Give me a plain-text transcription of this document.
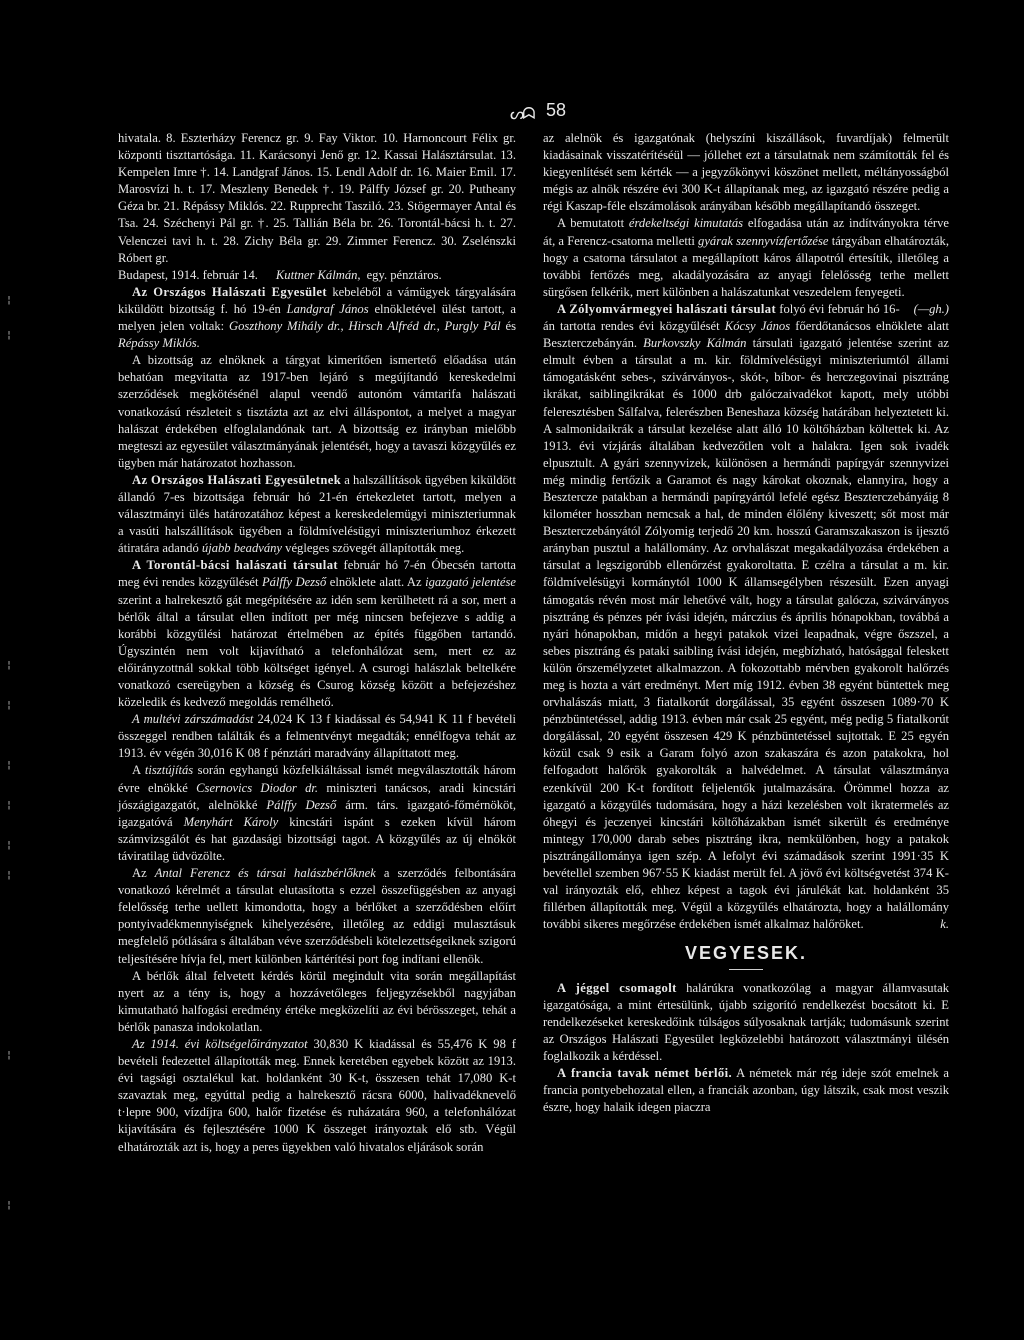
ᔕᗣ 58
¦
¦
¦
¦
¦
¦
¦
¦
¦
¦

hivatala. 8. Eszterházy Ferencz gr. 9. Fay Viktor. 10. Harnoncourt Félix gr. központi tiszttartósága. 11. Karácsonyi Jenő gr. 12. Kassai Halásztársulat. 13. Kempelen Imre †. 14. Landgraf János. 15. Lendl Adolf dr. 16. Maier Emil. 17. Marosvízi h. t. 17. Meszleny Benedek †. 19. Pálffy József gr. 20. Putheany Géza br. 21. Répássy Miklós. 22. Rupprecht Tasziló. 23. Stögermayer Antal és Tsa. 24. Széchenyi Pál gr. †. 25. Tallián Béla br. 26. Torontál-bácsi h. t. 27. Velenczei tavi h. t. 28. Zichy Béla gr. 29. Zimmer Ferencz. 30. Zselénszki Róbert gr.

Budapest, 1914. február 14. Kuttner Kálmán, egy. pénztáros.

Az Országos Halászati Egyesület kebeléből a vámügyek tárgyalására kiküldött bizottság f. hó 19-én Landgraf János elnökletével ülést tartott, a melyen jelen voltak: Goszthony Mihály dr., Hirsch Alfréd dr., Purgly Pál és Répássy Miklós.

A bizottság az elnöknek a tárgyat kimerítően ismertető előadása után behatóan megvitatta az 1917-ben lejáró s megújítandó kereskedelmi szerződések megkötésénél alapul veendő autonóm vámtarifa halászati vonatkozású részleteit s tisztázta azt az elvi álláspontot, a melyet a magyar halászat érdekében elfoglalandónak tart. A bizottság ez irányban mielőbb megteszi az egyesület választmányának jelentését, hogy a tavaszi közgyűlés ez ügyben már határozatot hozhasson.

Az Országos Halászati Egyesületnek a halszállítások ügyében kiküldött állandó 7-es bizottsága február hó 21-én értekezletet tartott, melyen a választmányi ülés határozatához képest a kereskedelemügyi miniszteriumnak a vasúti halszállítások ügyében a földmívelésügyi miniszteriumhoz érkezett átiratára adandó újabb beadvány végleges szövegét állapították meg.

A Torontál-bácsi halászati társulat február hó 7-én Óbecsén tartotta meg évi rendes közgyűlését Pálffy Dezső elnöklete alatt. Az igazgató jelentése szerint a halrekesztő gát megépítésére az idén sem kerülhetett rá a sor, mert a bérlők által a társulat ellen indított per még nincsen befejezve s addig a korábbi közgyűlési határozat értelmében az építés függőben tartandó. Úgyszintén nem volt kijavítható a telefonhálózat sem, mert ez az előirányzottnál sokkal több költséget igényel. A csurogi halászlak beltelkére vonatkozó csereügyben a község és Csurog község között a befejezéshez közeledik és kedvező megoldás remélhető.

A multévi zárszámadást 24,024 K 13 f kiadással és 54,941 K 11 f bevételi összeggel rendben találták és a felmentvényt megadták; ennélfogva tehát az 1913. év végén 30,016 K 08 f pénztári maradvány állapíttatott meg.

A tisztújítás során egyhangú közfelkiáltással ismét megválasztották három évre elnökké Csernovics Diodor dr. miniszteri tanácsos, aradi kincstári jószágigazgatót, alelnökké Pálffy Dezső árm. társ. igazgató-főmérnököt, igazgatóvá Menyhárt Károly kincstári ispánt s ezeken kívül három számvizsgálót és hat gazdasági bizottsági tagot. A közgyűlés az új elnököt táviratilag üdvözölte.

Az Antal Ferencz és társai halászbérlőknek a szerződés felbontására vonatkozó kérelmét a társulat elutasította s ezzel összefüggésben az anyagi felelősség terhe uellett kimondotta, hogy a bérlőket a szerződésben előírt pontyivadékmennyiségnek kihelyezésére, illetőleg az eddigi mulasztásuk megfelelő pótlására s általában véve szerződésbeli kötelezettségeiknek szigorú teljesítésére hívja fel, mert különben kártérítési port fog indítani ellenök.

A bérlők által felvetett kérdés körül megindult vita során megállapítást nyert az a tény is, hogy a hozzávetőleges feljegyzésekből nagyjában kimutatható halfogási eredmény értéke megközelíti az évi bérösszeget, tehát a bérlők panasza indokolatlan.

Az 1914. évi költségelőirányzatot 30,830 K kiadással és 55,476 K 98 f bevételi fedezettel állapították meg. Ennek keretében egyebek között az 1913. évi tagsági osztalékul kat. holdanként 30 K-t, összesen tehát 17,080 K-t szavaztak meg, egyúttal pedig a halrekesztő rácsra 6000, halivadéknevelő t·lepre 900, vízdíjra 600, halőr fizetése és ruházatára 960, a telefonhálózat kijavítására és fejlesztésére 1000 K összeget irányoztak elő stb. Végül elhatározták azt is, hogy a peres ügyekben való hivatalos eljárások során

az alelnök és igazgatónak (helyszíni kiszállások, fuvardíjak) felmerült kiadásainak visszatérítéséül — jóllehet ezt a társulatnak nem számították fel és kiegyenlítését sem kérték — a jegyzőkönyvi köszönet mellett, méltányosságból mégis az alnök részére évi 300 K-t állapítanak meg, az igazgató részére pedig a régi Kaszap-féle elszámolások arányában később megállapítandó összeget.

A bemutatott érdekeltségi kimutatás elfogadása után az indítványokra térve át, a Ferencz-csatorna melletti gyárak szennyvízfertőzése tárgyában elhatározták, hogy a csatorna társulatot a megállapított káros állapotról értesítik, illetőleg a további fertőzés meg, akadályozására az anyagi felelősség terhe mellett sürgősen felkérik, mert különben a halászatunkat veszedelem fenyegeti.
(—gh.)

A Zólyomvármegyei halászati társulat folyó évi február hó 16-án tartotta rendes évi közgyűlését Kócsy János főerdőtanácsos elnöklete alatt Beszterczebányán. Burkovszky Kálmán társulati igazgató jelentése szerint az elmult évben a társulat a m. kir. földmívelésügyi miniszteriumtól állami támogatásként sebes-, szivárványos-, skót-, bíbor- és herczegovinai pisztráng ikrákat, saiblingikrákat és 1000 drb galóczaivadékot kapott, mely utóbbi feleresztésben Sálfalva, felerészben Beneshaza község határában helyeztetett ki. A salmonidaikrák a társulat kezelése alatt álló 10 költőházban költettek ki. Az 1913. évi vízjárás általában kedvezőtlen volt a halakra. Igen sok ivadék elpusztult. A gyári szennyvizek, különösen a hermándi papírgyár szennyvizei még mindig fertőzik a Garamot és nagy károkat okoznak, elannyira, hogy a Besztercze patakban a hermándi papírgyártól lefelé egész Beszterczebányáig 8 kilométer hosszban nemcsak a hal, de minden élőlény kiveszett; sőt most már Beszterczebányától Zólyomig terjedő 20 km. hosszú Garamszakaszon is ijesztő arányban pusztul a halállomány. Az orvhalászat megakadályozása érdekében a társulat a legszigorúbb ellenőrzést gyakoroltatta. E czélra a társulat a m. kir. földmívelésügyi kormánytól 1000 K államsegélyben részesült. Ezen anyagi támogatás révén most már lehetővé vált, hogy a társulat galócza, szivárványos pisztráng és pénzes pér ívási idején, márczius és április hónapokban, továbbá a nyári hónapokban, midőn a hegyi patakok vizei leapadnak, végre őszszel, a sebes pisztráng és pataki saibling ívási idején, megbízható, hatósággal feleskett külön őrszemélyzetet alkalmazzon. A fokozottabb mérvben gyakorolt halőrzés meg is hozta a várt eredményt. Mert míg 1912. évben 38 egyént büntettek meg orvhalászás miatt, 3 fiatalkorút dorgálással, 35 egyént összesen 1089·70 K pénzbüntetéssel, addig 1913. évben már csak 25 egyént, még pedig 5 fiatalkorút dorgálással, 20 egyént összesen 429 K pénzbüntetéssel sujtottak. E 25 egyén közül csak 9 esik a Garam folyó azon szakaszára és azon patakokra, hol felfogadott halőrök gyakorolták a halvédelmet. A társulat választmánya ezenkívül 200 K-t fordított feljelentők jutalmazására. Örömmel hozza az igazgató a közgyűlés tudomására, hogy a házi kezelésben volt ikratermelés az óhegyi és jeczenyei kincstári költőházakban ismét sikerült és eredménye mintegy 170,000 darab sebes pisztráng ikra, nemkülönben, hogy a patakok pisztrángállománya igen szép. A lefolyt évi számadások szerint 1991·35 K bevétellel szemben 967·55 K kiadást merült fel. A jövő évi költségvetést 374 K-val irányozták elő, ehhez képest a tagok évi járulékát kat. holdanként 35 fillérben állapították meg. Végül a közgyűlés elhatározta, hogy a halállomány további sikeres megőrzése érdekében ismét alkalmaz halőröket.	k.

VEGYESEK.

A jéggel csomagolt halárúkra vonatkozólag a magyar államvasutak igazgatósága, a mint értesülünk, újabb szigorító rendelkezést bocsátott ki. E rendelkezéseket kereskedőink túlságos súlyosaknak tartják; tudomásunk szerint az Országos Halászati Egyesület legközelebbi határozott választmányi ülésén foglalkozik a kérdéssel.

A francia tavak német bérlői. A németek már rég ideje szót emelnek a francia pontyebehozatal ellen, a franciák azonban, úgy látszik, csak most veszik észre, hogy halaik idegen piaczra
